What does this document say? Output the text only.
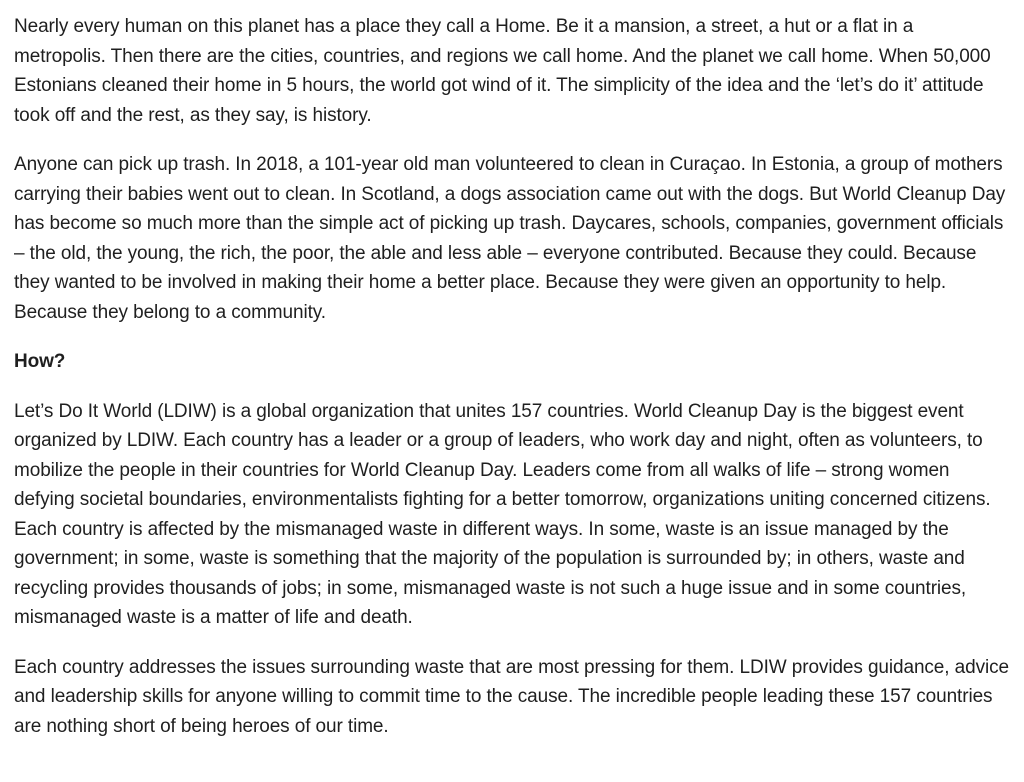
Nearly every human on this planet has a place they call a Home. Be it a mansion, a street, a hut or a flat in a metropolis. Then there are the cities, countries, and regions we call home. And the planet we call home. When 50,000 Estonians cleaned their home in 5 hours, the world got wind of it. The simplicity of the idea and the ‘let’s do it’ attitude took off and the rest, as they say, is history.

Anyone can pick up trash. In 2018, a 101-year old man volunteered to clean in Curaçao. In Estonia, a group of mothers carrying their babies went out to clean. In Scotland, a dogs association came out with the dogs. But World Cleanup Day has become so much more than the simple act of picking up trash. Daycares, schools, companies, government officials – the old, the young, the rich, the poor, the able and less able – everyone contributed. Because they could. Because they wanted to be involved in making their home a better place. Because they were given an opportunity to help. Because they belong to a community.

How?

Let’s Do It World (LDIW) is a global organization that unites 157 countries. World Cleanup Day is the biggest event organized by LDIW. Each country has a leader or a group of leaders, who work day and night, often as volunteers, to mobilize the people in their countries for World Cleanup Day. Leaders come from all walks of life – strong women defying societal boundaries, environmentalists fighting for a better tomorrow, organizations uniting concerned citizens. Each country is affected by the mismanaged waste in different ways. In some, waste is an issue managed by the government; in some, waste is something that the majority of the population is surrounded by; in others, waste and recycling provides thousands of jobs; in some, mismanaged waste is not such a huge issue and in some countries, mismanaged waste is a matter of life and death.

Each country addresses the issues surrounding waste that are most pressing for them. LDIW provides guidance, advice and leadership skills for anyone willing to commit time to the cause. The incredible people leading these 157 countries are nothing short of being heroes of our time.
